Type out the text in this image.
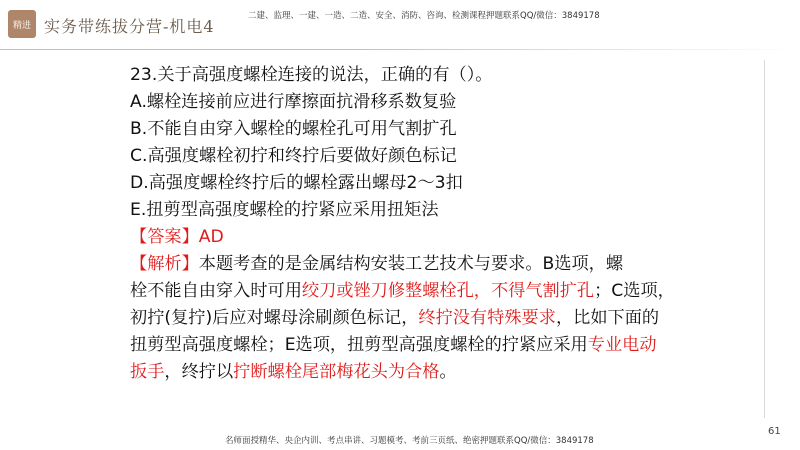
精进 实务带练拔分营-机电4
二建、监理、一建、一造、二造、安全、消防、咨询、检测课程押题联系QQ/微信：3849178
23.关于高强度螺栓连接的说法，正确的有（）。
A.螺栓连接前应进行摩擦面抗滑移系数复验
B.不能自由穿入螺栓的螺栓孔可用气割扩孔
C.高强度螺栓初拧和终拧后要做好颜色标记
D.高强度螺栓终拧后的螺栓露出螺母2～3扣
E.扭剪型高强度螺栓的拧紧应采用扭矩法
【答案】AD
【解析】本题考查的是金属结构安装工艺技术与要求。B选项，螺
栓不能自由穿入时可用绞刀或锉刀修整螺栓孔，不得气割扩孔；C选项，
初拧(复拧)后应对螺母涂刷颜色标记，终拧没有特殊要求，比如下面的
扭剪型高强度螺栓；E选项，扭剪型高强度螺栓的拧紧应采用专业电动
扳手，终拧以拧断螺栓尾部梅花头为合格。
61
名师面授精华、央企内训、考点串讲、习题模考、考前三页纸、绝密押题联系QQ/微信：3849178
